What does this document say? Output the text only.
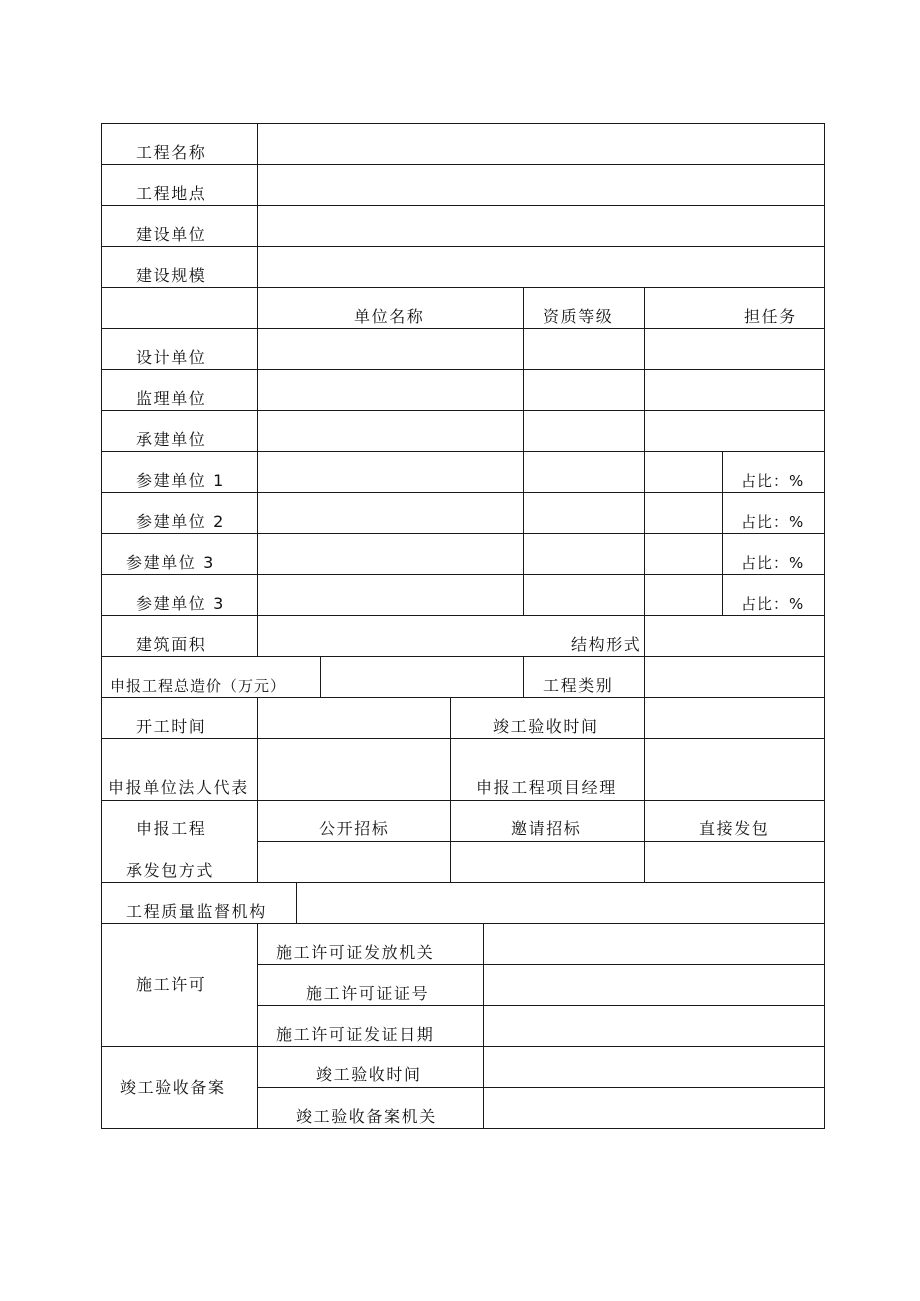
工程名称
工程地点
建设单位
建设规模
单位名称	资质等级	担任务
设计单位
监理单位
承建单位
参建单位 1	占比：%
参建单位 2	占比：%
参建单位 3	占比：%
参建单位 3	占比：%
建筑面积	结构形式
申报工程总造价（万元）	工程类别
开工时间	竣工验收时间
申报单位法人代表	申报工程项目经理
申报工程	公开招标	邀请招标	直接发包
承发包方式
工程质量监督机构
施工许可
施工许可证发放机关
施工许可证证号
施工许可证发证日期
竣工验收备案
竣工验收时间
竣工验收备案机关
